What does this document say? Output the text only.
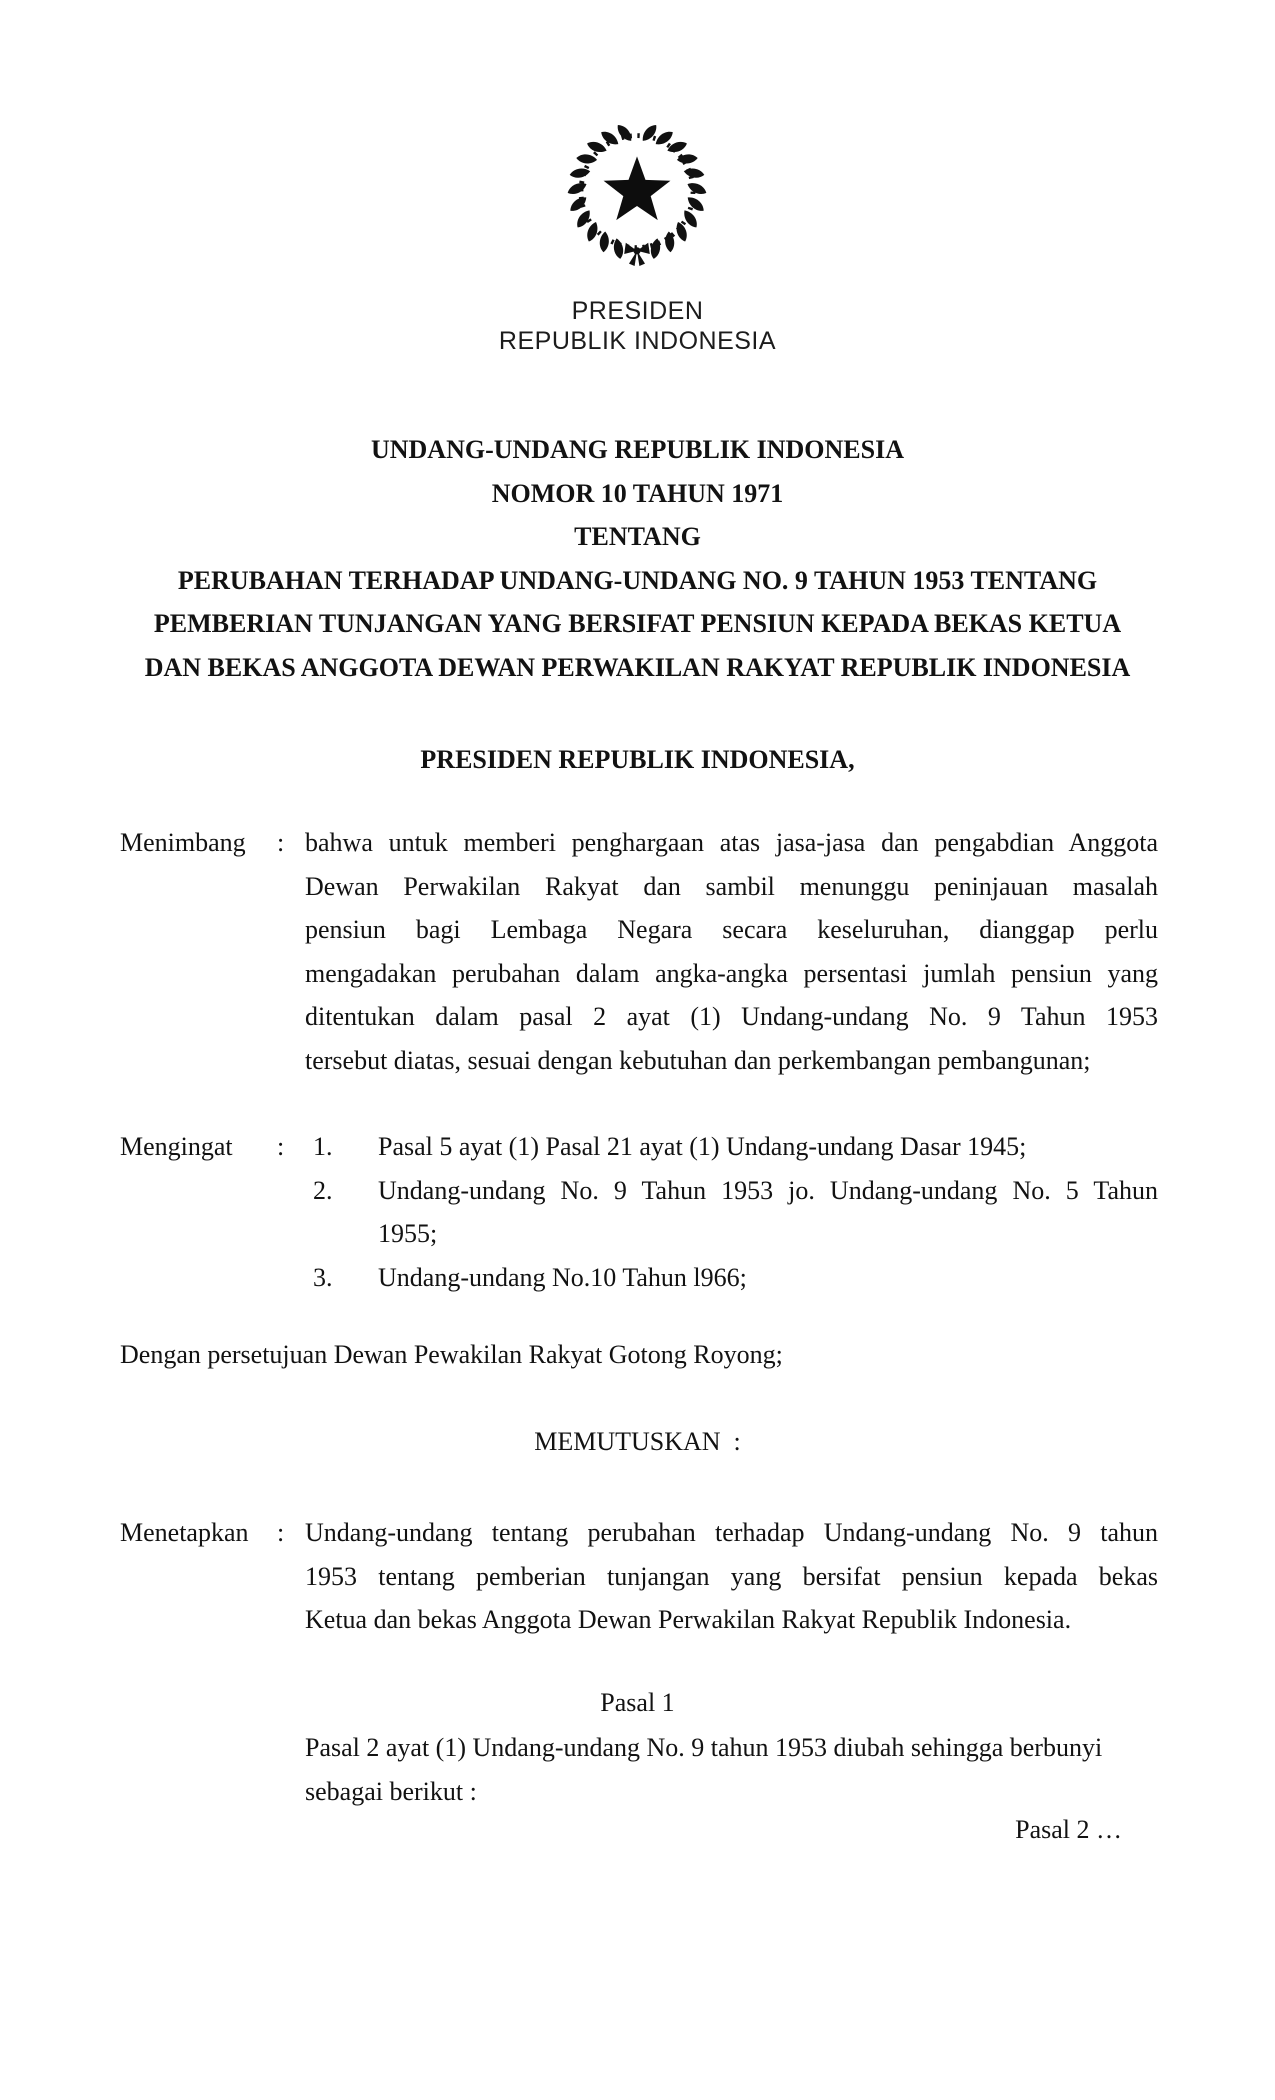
PRESIDEN
REPUBLIK INDONESIA
UNDANG-UNDANG REPUBLIK INDONESIA
NOMOR 10 TAHUN 1971
TENTANG
PERUBAHAN TERHADAP UNDANG-UNDANG NO. 9 TAHUN 1953 TENTANG
PEMBERIAN TUNJANGAN YANG BERSIFAT PENSIUN KEPADA BEKAS KETUA
DAN BEKAS ANGGOTA DEWAN PERWAKILAN RAKYAT REPUBLIK INDONESIA
PRESIDEN REPUBLIK INDONESIA,
Menimbang	: bahwa untuk memberi penghargaan atas jasa-jasa dan pengabdian Anggota
Dewan Perwakilan Rakyat dan sambil menunggu peninjauan masalah
pensiun bagi Lembaga Negara secara keseluruhan, dianggap perlu
mengadakan perubahan dalam angka-angka persentasi jumlah pensiun yang
ditentukan dalam pasal 2 ayat (1) Undang-undang No. 9 Tahun 1953
tersebut diatas, sesuai dengan kebutuhan dan perkembangan pembangunan;
Mengingat	:	1.	Pasal 5 ayat (1) Pasal 21 ayat (1) Undang-undang Dasar 1945;
2.	Undang-undang No. 9 Tahun 1953 jo. Undang-undang No. 5 Tahun
1955;
3.	Undang-undang No.10 Tahun l966;
Dengan persetujuan Dewan Pewakilan Rakyat Gotong Royong;
MEMUTUSKAN  :
Menetapkan	: Undang-undang tentang perubahan terhadap Undang-undang No. 9 tahun
1953 tentang pemberian tunjangan yang bersifat pensiun kepada bekas
Ketua dan bekas Anggota Dewan Perwakilan Rakyat Republik Indonesia.
Pasal 1
Pasal 2 ayat (1) Undang-undang No. 9 tahun 1953 diubah sehingga berbunyi
sebagai berikut :
Pasal 2 …
